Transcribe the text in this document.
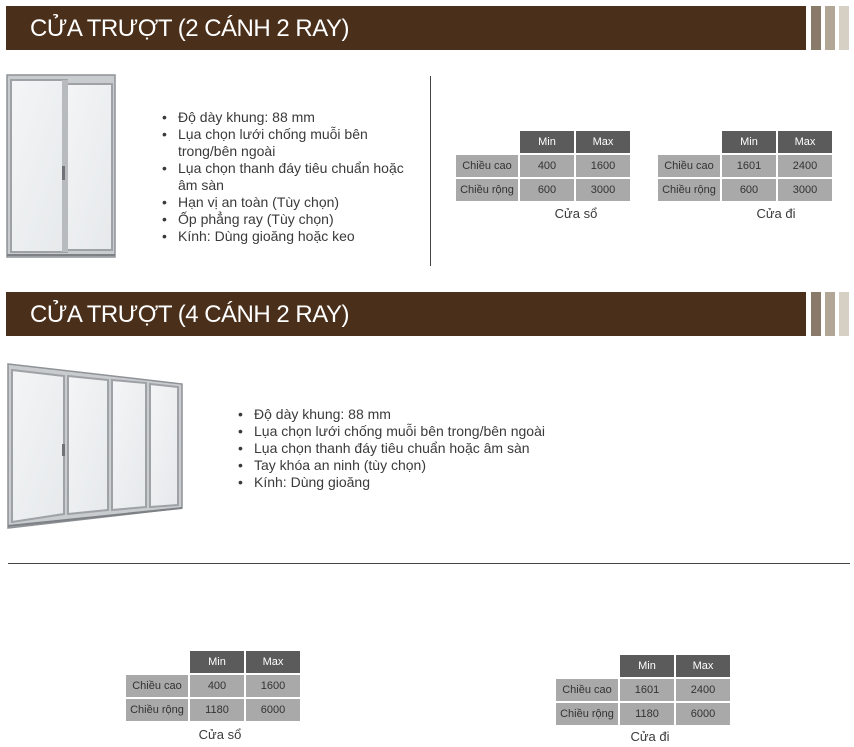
CỬA TRƯỢT (2 CÁNH 2 RAY)
• Độ dày khung: 88 mm
• Lụa chọn lưới chống muỗi bên trong/bên ngoài
• Lụa chọn thanh đáy tiêu chuẩn hoặc âm sàn
• Hạn vị an toàn (Tùy chọn)
• Ốp phẳng ray (Tùy chọn)
• Kính: Dùng gioăng hoặc keo
	Min	Max
Chiều cao	400	1600
Chiều rộng	600	3000
Cửa sổ
	Min	Max
Chiều cao	1601	2400
Chiều rộng	600	3000
Cửa đi
CỬA TRƯỢT (4 CÁNH 2 RAY)
• Độ dày khung: 88 mm
• Lụa chọn lưới chống muỗi bên trong/bên ngoài
• Lụa chọn thanh đáy tiêu chuẩn hoặc âm sàn
• Tay khóa an ninh (tùy chọn)
• Kính: Dùng gioăng
	Min	Max
Chiều cao	400	1600
Chiều rộng	1180	6000
Cửa sổ
	Min	Max
Chiều cao	1601	2400
Chiều rộng	1180	6000
Cửa đi
